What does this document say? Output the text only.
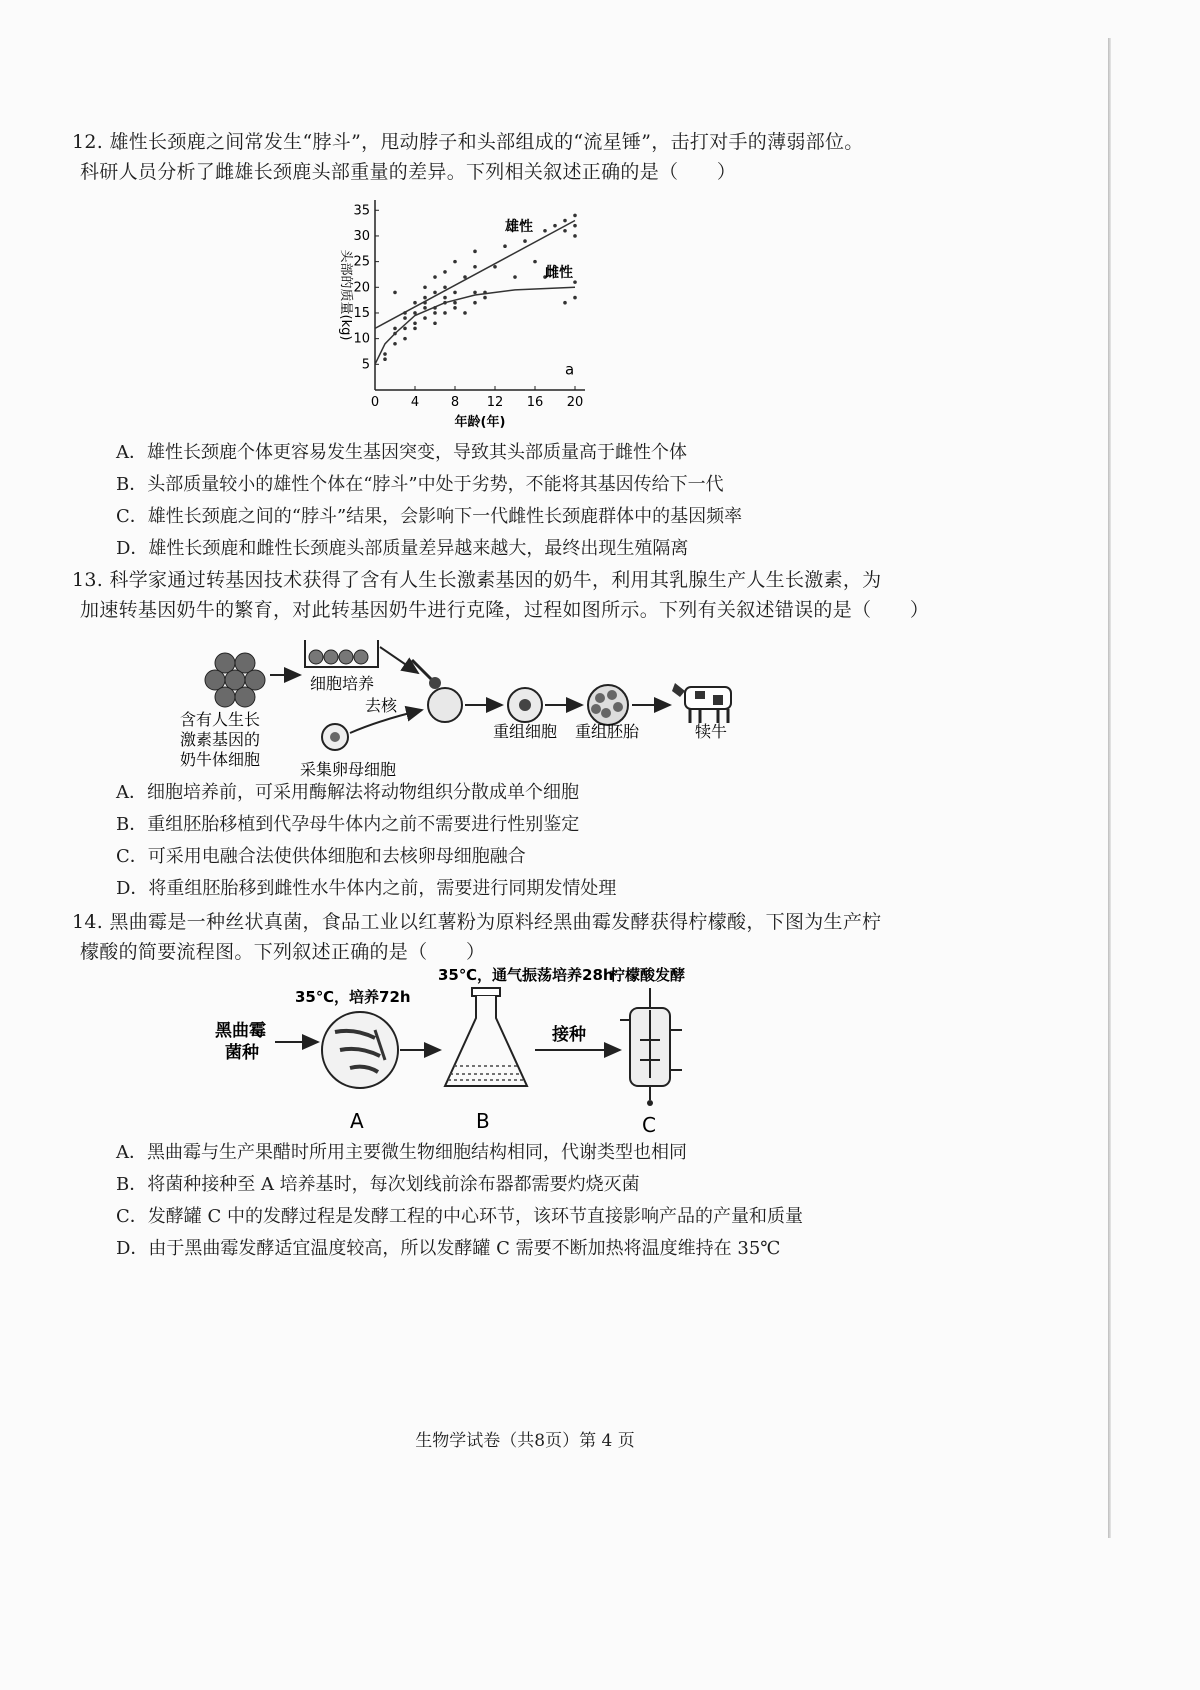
12. 雄性长颈鹿之间常发生“脖斗”，甩动脖子和头部组成的“流星锤”，击打对手的薄弱部位。
科研人员分析了雌雄长颈鹿头部重量的差异。下列相关叙述正确的是（　　）
0 4 8 12 16 20
5
10
15
20
25
30
35
年龄(年)
头部的质量(kg)
雄性
雌性
a
A．雄性长颈鹿个体更容易发生基因突变，导致其头部质量高于雌性个体
B．头部质量较小的雄性个体在“脖斗”中处于劣势，不能将其基因传给下一代
C．雄性长颈鹿之间的“脖斗”结果，会影响下一代雌性长颈鹿群体中的基因频率
D．雄性长颈鹿和雌性长颈鹿头部质量差异越来越大，最终出现生殖隔离
13. 科学家通过转基因技术获得了含有人生长激素基因的奶牛，利用其乳腺生产人生长激素，为
加速转基因奶牛的繁育，对此转基因奶牛进行克隆，过程如图所示。下列有关叙述错误的是（　　）
细胞培养
含有人生长
激素基因的
奶牛体细胞
去核
采集卵母细胞
重组细胞 重组胚胎	犊牛
A．细胞培养前，可采用酶解法将动物组织分散成单个细胞
B．重组胚胎移植到代孕母牛体内之前不需要进行性别鉴定
C．可采用电融合法使供体细胞和去核卵母细胞融合
D．将重组胚胎移到雌性水牛体内之前，需要进行同期发情处理
14. 黑曲霉是一种丝状真菌，食品工业以红薯粉为原料经黑曲霉发酵获得柠檬酸，下图为生产柠
檬酸的简要流程图。下列叙述正确的是（　　）
黑曲霉
菌种
35℃，培养72h
A
35℃，通气振荡培养28h
B
接种
柠檬酸发酵
C
A．黑曲霉与生产果醋时所用主要微生物细胞结构相同，代谢类型也相同
B．将菌种接种至 A 培养基时，每次划线前涂布器都需要灼烧灭菌
C．发酵罐 C 中的发酵过程是发酵工程的中心环节，该环节直接影响产品的产量和质量
D．由于黑曲霉发酵适宜温度较高，所以发酵罐 C 需要不断加热将温度维持在 35℃
生物学试卷（共8页）第 4 页
